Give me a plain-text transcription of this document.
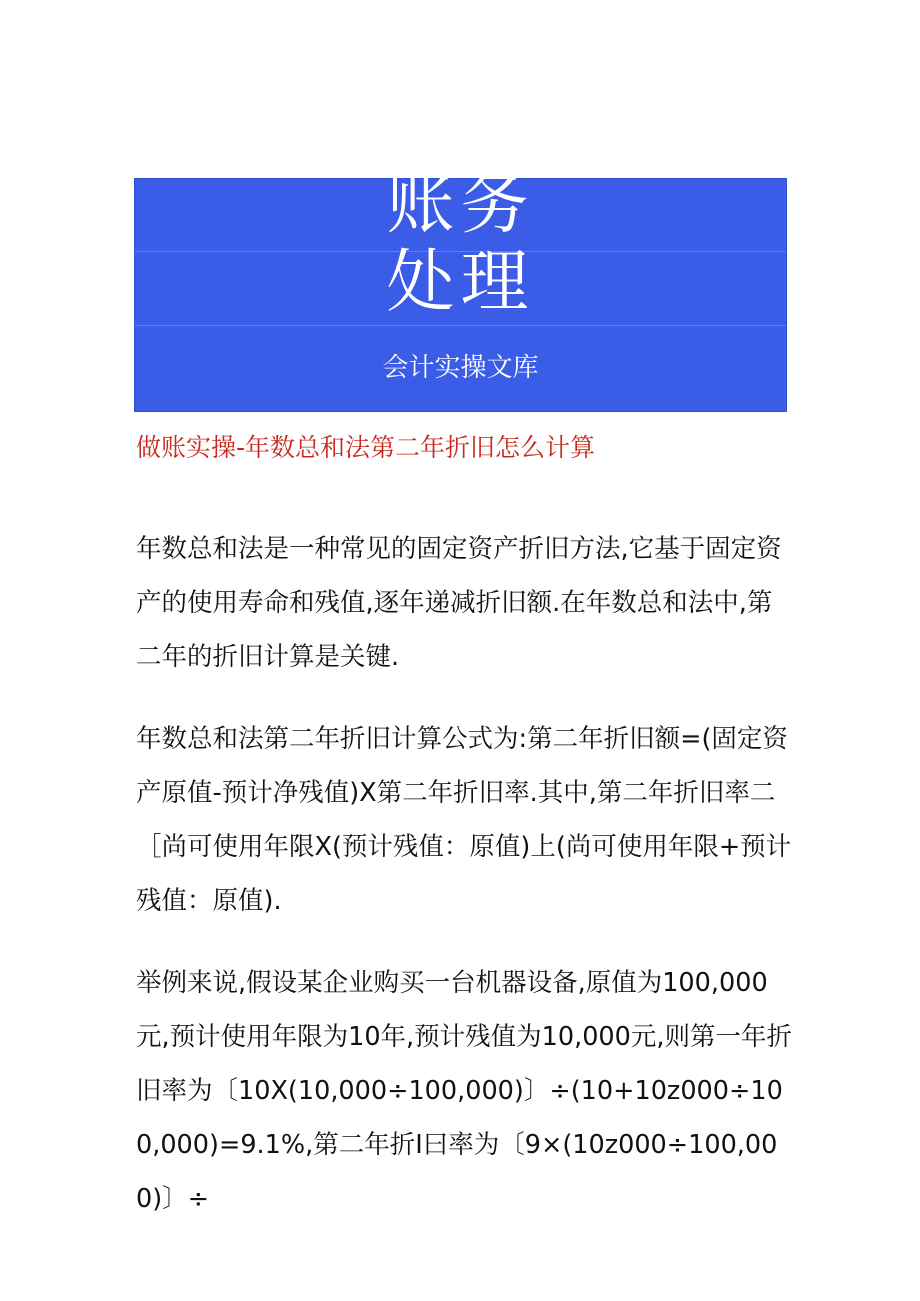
账务
处理
会计实操文库
做账实操-年数总和法第二年折旧怎么计算

年数总和法是一种常见的固定资产折旧方法,它基于固定资产的使用寿命和残值,逐年递减折旧额.在年数总和法中,第二年的折旧计算是关键.

年数总和法第二年折旧计算公式为:第二年折旧额=(固定资产原值-预计净残值)X第二年折旧率.其中,第二年折旧率二［尚可使用年限X(预计残值：原值)上(尚可使用年限+预计残值：原值).

举例来说,假设某企业购买一台机器设备,原值为100,000元,预计使用年限为10年,预计残值为10,000元,则第一年折旧率为〔10X(10,000÷100,000)〕÷(10+10z000÷100,000)=9.1%,第二年折I曰率为〔9×(10z000÷100,000)〕÷
